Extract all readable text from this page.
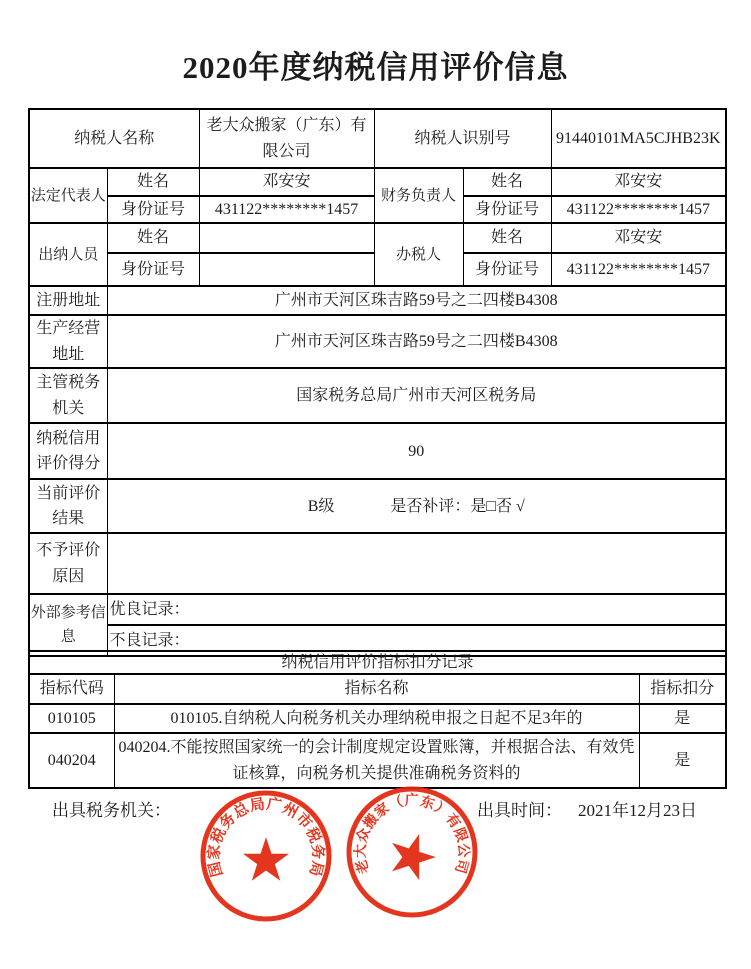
2020年度纳税信用评价信息
纳税人名称		老大众搬家（广东）有限公司	纳税人识别号		91440101MA5CJHB23K
法定代表人	姓名	邓安安	财务负责人	姓名	邓安安
	身份证号	431122********1457		身份证号	431122********1457
出纳人员	姓名		办税人	姓名	邓安安
	身份证号			身份证号	431122********1457
注册地址	广州市天河区珠吉路59号之二四楼B4308				
生产经营地址	广州市天河区珠吉路59号之二四楼B4308				
主管税务机关	国家税务总局广州市天河区税务局				
纳税信用评价得分	90				
当前评价结果	B级 是否补评：是□否 √				
不予评价原因					
外部参考信息	优良记录：				
	不良记录：				
纳税信用评价指标扣分记录		
指标代码	指标名称	指标扣分
010105	010105.自纳税人向税务机关办理纳税申报之日起不足3年的	是
040204	040204.不能按照国家统一的会计制度规定设置账簿，并根据合法、有效凭证核算，向税务机关提供准确税务资料的	是
出具税务机关：	出具时间： 2021年12月23日
国家税务总局广州市税务局
★	老大众搬家（广东）有限公司
★
